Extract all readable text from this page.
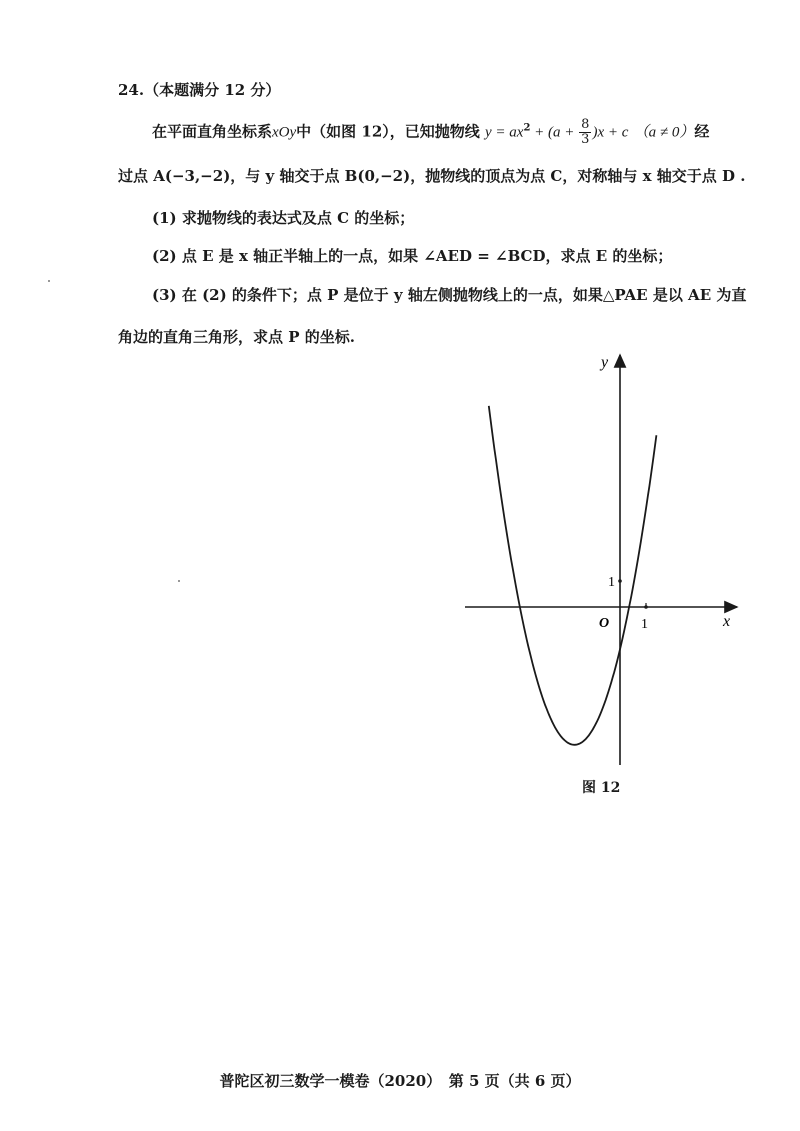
24.（本题满分 12 分）
在平面直角坐标系xOy中（如图 12），已知抛物线 $y = ax^2 + (a + \frac{8}{3} )x + c$ （a ≠ 0）经
过点 A(−3,−2)，与 y 轴交于点 B(0,−2)，抛物线的顶点为点 C，对称轴与 x 轴交于点 D .
(1) 求抛物线的表达式及点 C 的坐标；
(2) 点 E 是 x 轴正半轴上的一点，如果 ∠AED = ∠BCD，求点 E 的坐标；
(3) 在 (2) 的条件下；点 P 是位于 y 轴左侧抛物线上的一点，如果△PAE 是以 AE 为直
角边的直角三角形，求点 P 的坐标.
y
x
O 1
1
图 12
普陀区初三数学一模卷（2020）　第 5 页（共 6 页）
